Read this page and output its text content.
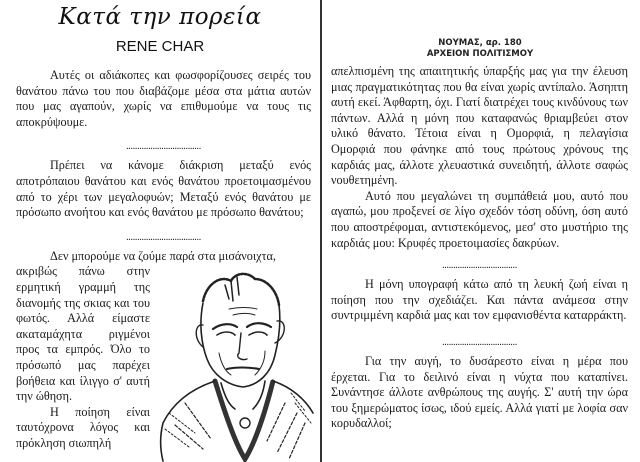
Κατά την πορεία
RENE CHAR	ΝΟΥΜΑΣ, αρ. 180
ΑΡΧΕΙΟΝ ΠΟΛΙΤΙΣΜΟΥ

Αυτές οι αδιάκοπες και φωσφορίζουσες σειρές του θανάτου πάνω του που διαβάζομε μέσα στα μάτια αυτών που μας αγαπούν, χωρίς να επιθυμούμε να τους τις αποκρύψουμε.

..................................

Πρέπει να κάνομε διάκριση μεταξύ ενός αποτρόπαιου θανάτου και ενός θανάτου προετοιμασμένου από το χέρι των μεγαλοφυών; Μεταξύ ενός θανάτου με πρόσωπο ανοήτου και ενός θανάτου με πρόσωπο θανάτου;

..................................

Δεν μπορούμε να ζούμε παρά στα μισάνοιχτα,

ακριβώς πάνω στην ερμητική γραμμή της διανομής της σκιας και του φωτός. Αλλά είμαστε ακαταμάχητα ριγμένοι προς τα εμπρός. Όλο το πρόσωπό μας παρέχει βοήθεια και ίλιγγο σ' αυτή την ώθηση.

Η ποίηση είναι ταυτόχρονα λόγος και πρόκληση σιωπηλή

απελπισμένη της απαιτητικής ύπαρξής μας για την έλευση μιας πραγματικότητας που θα είναι χωρίς αντίπαλο. Άσηπτη αυτή εκεί. Άφθαρτη, όχι. Γιατί διατρέχει τους κινδύνους των πάντων. Αλλά η μόνη που καταφανώς θριαμβεύει στον υλικό θάνατο. Τέτοια είναι η Ομορφιά, η πελαγίσια Ομορφιά που φάνηκε από τους πρώτους χρόνους της καρδιάς μας, άλλοτε χλευαστικά συνειδητή, άλλοτε σαφώς νουθετημένη.

Αυτό που μεγαλώνει τη συμπάθειά μου, αυτό που αγαπώ, μου προξενεί σε λίγο σχεδόν τόση οδύνη, όση αυτό που αποστρέφομαι, αντιστεκόμενος, μεσ' στο μυστήριο της καρδιάς μου: Κρυφές προετοιμασίες δακρύων.

..................................

Η μόνη υπογραφή κάτω από τη λευκή ζωή είναι η ποίηση που την σχεδιάζει. Και πάντα ανάμεσα στην συντριμμένη καρδιά μας και τον εμφανισθέντα καταρράκτη.

..................................

Για την αυγή, το δυσάρεστο είναι η μέρα που έρχεται. Για το δειλινό είναι η νύχτα που καταπίνει. Συνάντησε άλλοτε ανθρώπους της αυγής. Σ' αυτή την ώρα του ξημερώματος ίσως, ιδού εμείς. Αλλά γιατί με λοφία σαν κορυδαλλοί;
